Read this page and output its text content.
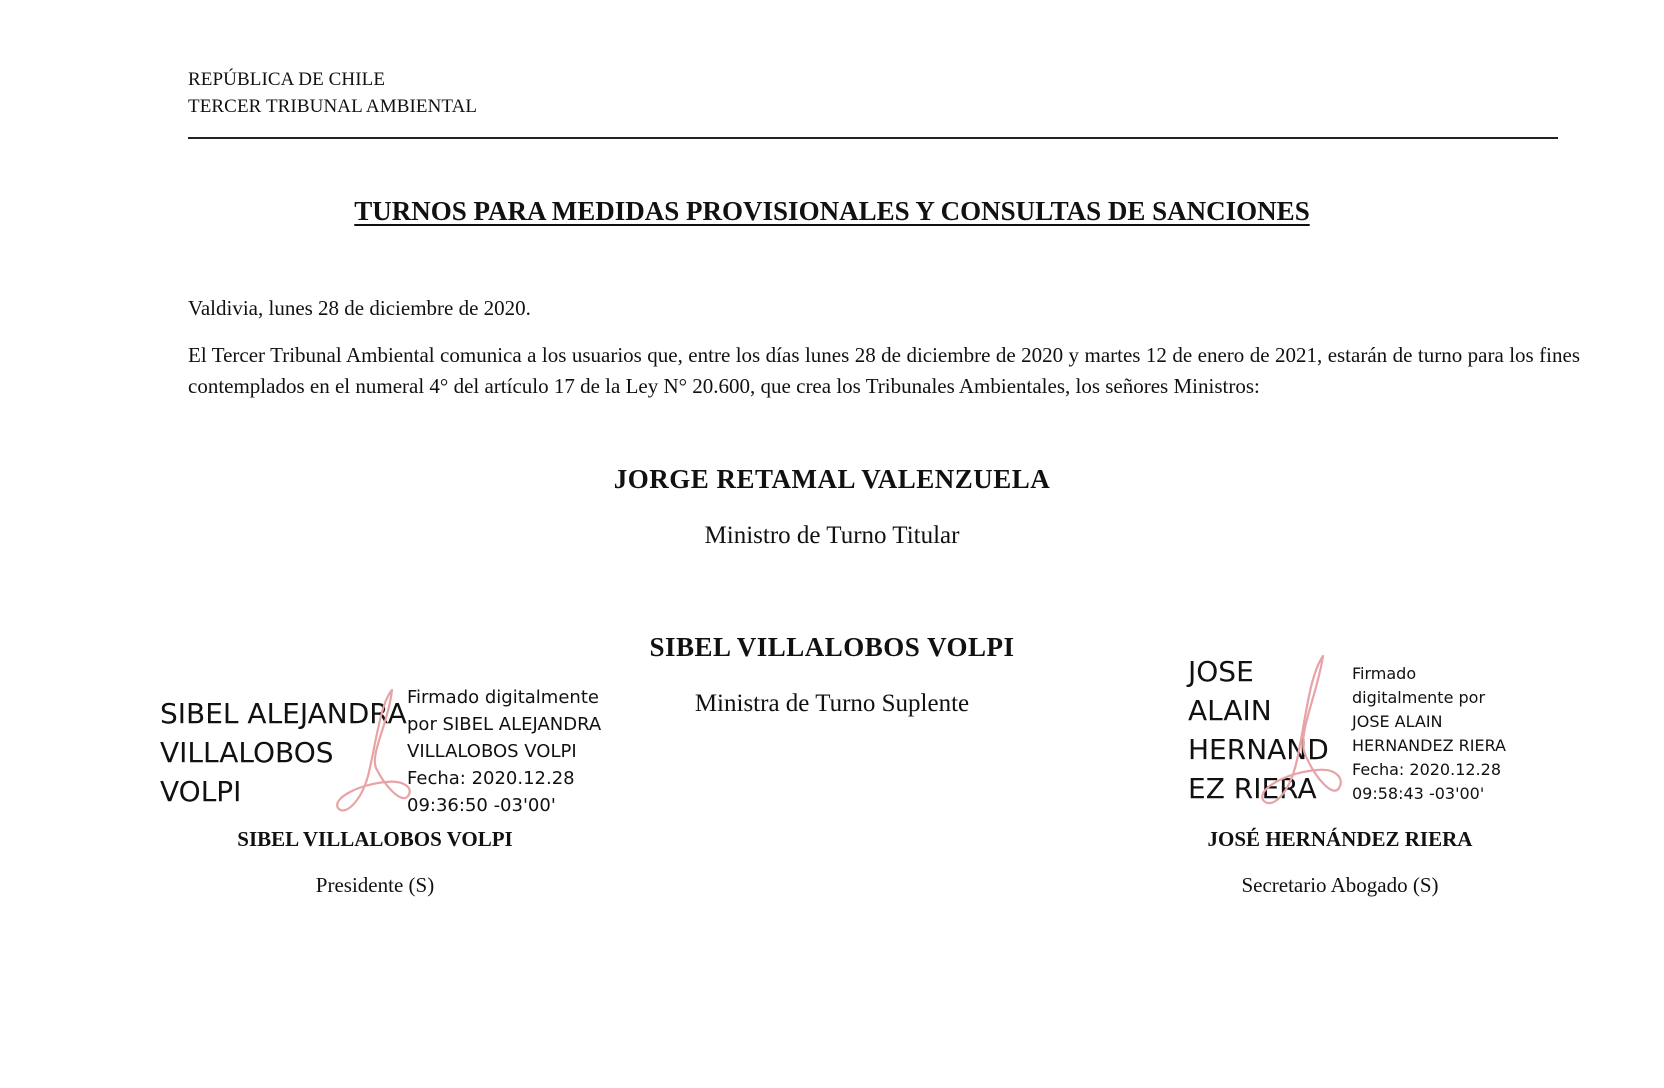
REPÚBLICA DE CHILE
TERCER TRIBUNAL AMBIENTAL
TURNOS PARA MEDIDAS PROVISIONALES Y CONSULTAS DE SANCIONES
Valdivia, lunes 28 de diciembre de 2020.

El Tercer Tribunal Ambiental comunica a los usuarios que, entre los días lunes 28 de diciembre de 2020 y martes 12 de enero de 2021, estarán de turno para los fines contemplados en el numeral 4° del artículo 17 de la Ley N° 20.600, que crea los Tribunales Ambientales, los señores Ministros:

JORGE RETAMAL VALENZUELA
Ministro de Turno Titular
SIBEL VILLALOBOS VOLPI
Ministra de Turno Suplente
SIBEL ALEJANDRA
VILLALOBOS
VOLPI
Firmado digitalmente
por SIBEL ALEJANDRA
VILLALOBOS VOLPI
Fecha: 2020.12.28
09:36:50 -03'00'
SIBEL VILLALOBOS VOLPI
Presidente (S)
JOSE
ALAIN
HERNAND
EZ RIERA
Firmado
digitalmente por
JOSE ALAIN
HERNANDEZ RIERA
Fecha: 2020.12.28
09:58:43 -03'00'
JOSÉ HERNÁNDEZ RIERA
Secretario Abogado (S)
